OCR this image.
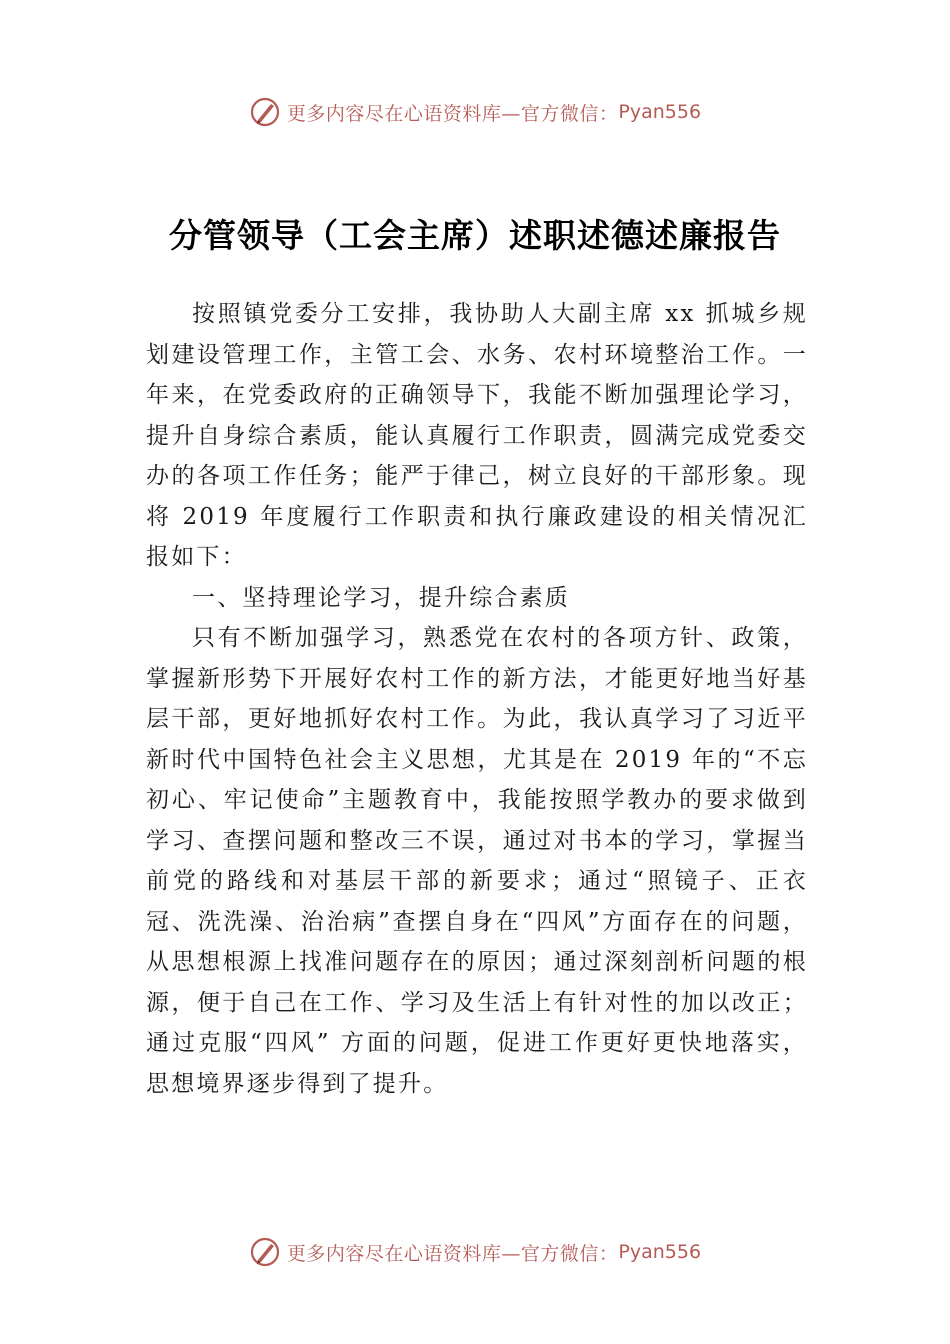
更多内容尽在心语资料库—官方微信： Pyan556
分管领导（工会主席）述职述德述廉报告

按照镇党委分工安排，我协助人大副主席 xx 抓城乡规划建设管理工作，主管工会、水务、农村环境整治工作。一年来，在党委政府的正确领导下，我能不断加强理论学习，提升自身综合素质，能认真履行工作职责，圆满完成党委交办的各项工作任务；能严于律己，树立良好的干部形象。现将 2019 年度履行工作职责和执行廉政建设的相关情况汇报如下：

一、坚持理论学习，提升综合素质

只有不断加强学习，熟悉党在农村的各项方针、政策，掌握新形势下开展好农村工作的新方法，才能更好地当好基层干部，更好地抓好农村工作。为此，我认真学习了习近平新时代中国特色社会主义思想，尤其是在 2019 年的“不忘初心、牢记使命”主题教育中，我能按照学教办的要求做到学习、查摆问题和整改三不误，通过对书本的学习，掌握当前党的路线和对基层干部的新要求；通过“照镜子、正衣冠、洗洗澡、治治病”查摆自身在“四风”方面存在的问题，从思想根源上找准问题存在的原因；通过深刻剖析问题的根源，便于自己在工作、学习及生活上有针对性的加以改正；通过克服“四风” 方面的问题，促进工作更好更快地落实，思想境界逐步得到了提升。

更多内容尽在心语资料库—官方微信： Pyan556
